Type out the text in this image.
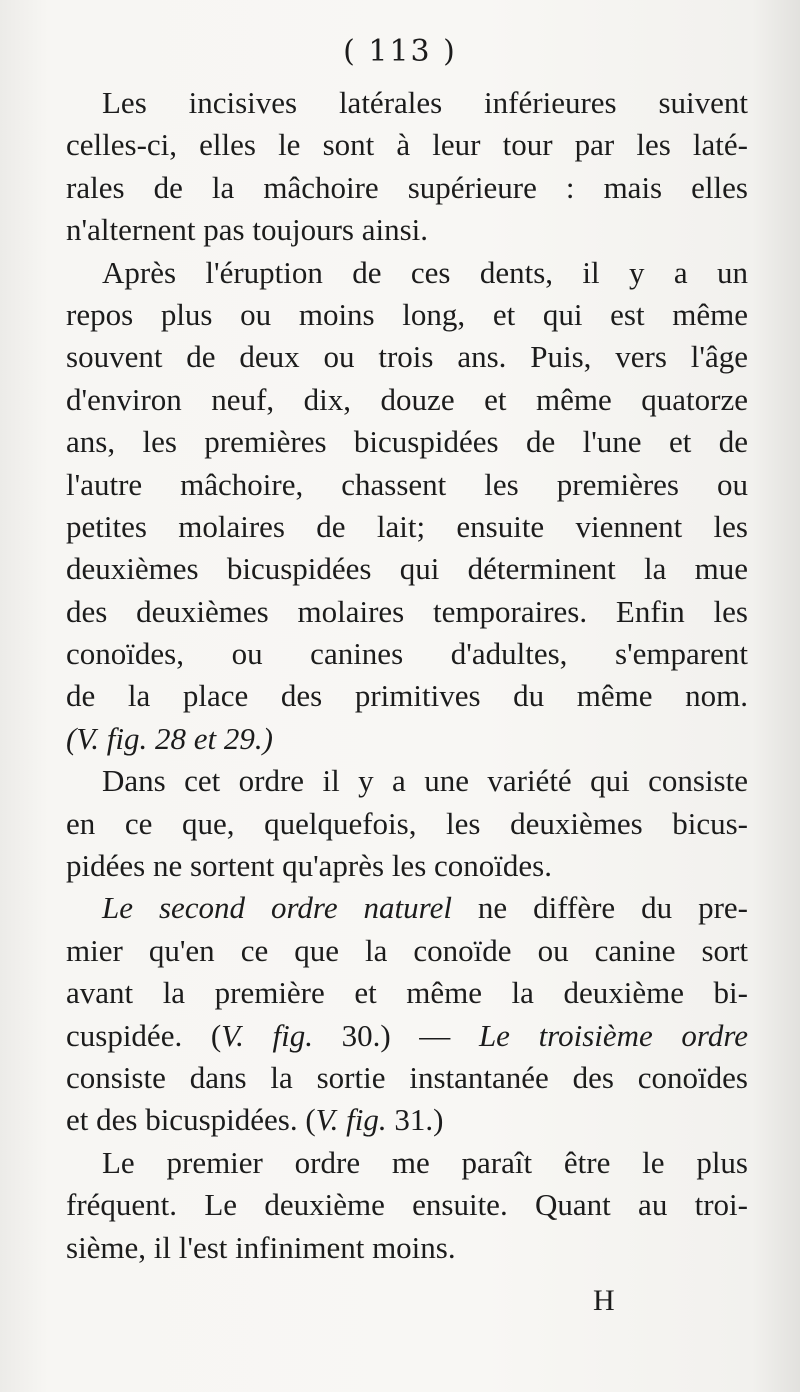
( 113 )
Les incisives latérales inférieures suivent
celles-ci, elles le sont à leur tour par les laté-
rales de la mâchoire supérieure : mais elles
n'alternent pas toujours ainsi.
Après l'éruption de ces dents, il y a un
repos plus ou moins long, et qui est même
souvent de deux ou trois ans. Puis, vers l'âge
d'environ neuf, dix, douze et même quatorze
ans, les premières bicuspidées de l'une et de
l'autre mâchoire, chassent les premières ou
petites molaires de lait; ensuite viennent les
deuxièmes bicuspidées qui déterminent la mue
des deuxièmes molaires temporaires. Enfin les
conoïdes, ou canines d'adultes, s'emparent
de la place des primitives du même nom.
(V. fig. 28 et 29.)
Dans cet ordre il y a une variété qui consiste
en ce que, quelquefois, les deuxièmes bicus-
pidées ne sortent qu'après les conoïdes.
Le second ordre naturel ne diffère du pre-
mier qu'en ce que la conoïde ou canine sort
avant la première et même la deuxième bi-
cuspidée. (V. fig. 30.) — Le troisième ordre
consiste dans la sortie instantanée des conoïdes
et des bicuspidées. (V. fig. 31.)
Le premier ordre me paraît être le plus
fréquent. Le deuxième ensuite. Quant au troi-
sième, il l'est infiniment moins.
H
